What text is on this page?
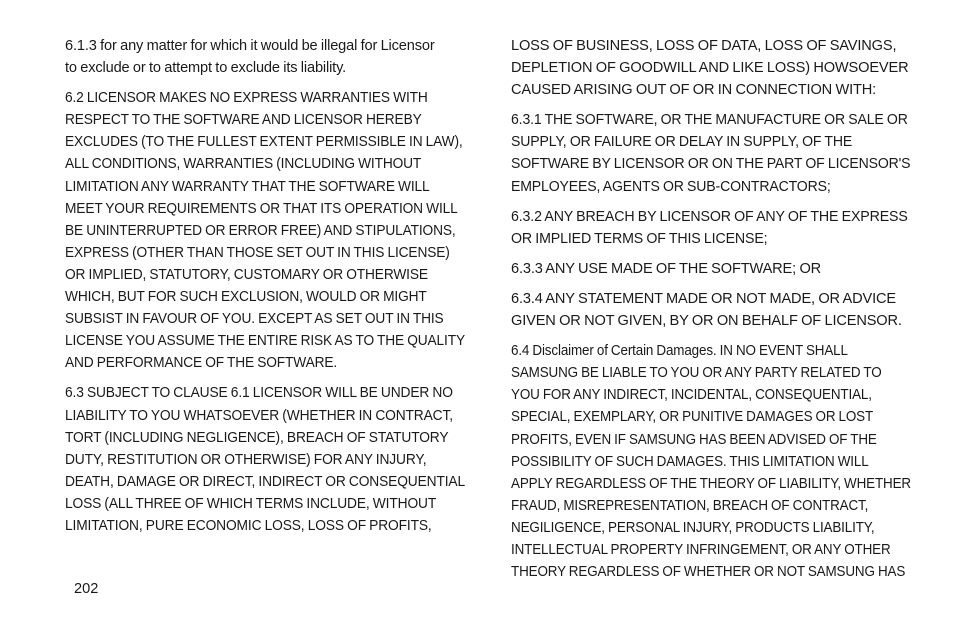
6.1.3 for any matter for which it would be illegal for Licensor
to exclude or to attempt to exclude its liability.

6.2 LICENSOR MAKES NO EXPRESS WARRANTIES WITH
RESPECT TO THE SOFTWARE AND LICENSOR HEREBY
EXCLUDES (TO THE FULLEST EXTENT PERMISSIBLE IN LAW),
ALL CONDITIONS, WARRANTIES (INCLUDING WITHOUT
LIMITATION ANY WARRANTY THAT THE SOFTWARE WILL
MEET YOUR REQUIREMENTS OR THAT ITS OPERATION WILL
BE UNINTERRUPTED OR ERROR FREE) AND STIPULATIONS,
EXPRESS (OTHER THAN THOSE SET OUT IN THIS LICENSE)
OR IMPLIED, STATUTORY, CUSTOMARY OR OTHERWISE
WHICH, BUT FOR SUCH EXCLUSION, WOULD OR MIGHT
SUBSIST IN FAVOUR OF YOU. EXCEPT AS SET OUT IN THIS
LICENSE YOU ASSUME THE ENTIRE RISK AS TO THE QUALITY
AND PERFORMANCE OF THE SOFTWARE.

6.3 SUBJECT TO CLAUSE 6.1 LICENSOR WILL BE UNDER NO
LIABILITY TO YOU WHATSOEVER (WHETHER IN CONTRACT,
TORT (INCLUDING NEGLIGENCE), BREACH OF STATUTORY
DUTY, RESTITUTION OR OTHERWISE) FOR ANY INJURY,
DEATH, DAMAGE OR DIRECT, INDIRECT OR CONSEQUENTIAL
LOSS (ALL THREE OF WHICH TERMS INCLUDE, WITHOUT
LIMITATION, PURE ECONOMIC LOSS, LOSS OF PROFITS,

LOSS OF BUSINESS, LOSS OF DATA, LOSS OF SAVINGS,
DEPLETION OF GOODWILL AND LIKE LOSS) HOWSOEVER
CAUSED ARISING OUT OF OR IN CONNECTION WITH:

6.3.1 THE SOFTWARE, OR THE MANUFACTURE OR SALE OR
SUPPLY, OR FAILURE OR DELAY IN SUPPLY, OF THE
SOFTWARE BY LICENSOR OR ON THE PART OF LICENSOR'S
EMPLOYEES, AGENTS OR SUB-CONTRACTORS;

6.3.2 ANY BREACH BY LICENSOR OF ANY OF THE EXPRESS
OR IMPLIED TERMS OF THIS LICENSE;

6.3.3 ANY USE MADE OF THE SOFTWARE; OR

6.3.4 ANY STATEMENT MADE OR NOT MADE, OR ADVICE
GIVEN OR NOT GIVEN, BY OR ON BEHALF OF LICENSOR.

6.4 Disclaimer of Certain Damages. IN NO EVENT SHALL
SAMSUNG BE LIABLE TO YOU OR ANY PARTY RELATED TO
YOU FOR ANY INDIRECT, INCIDENTAL, CONSEQUENTIAL,
SPECIAL, EXEMPLARY, OR PUNITIVE DAMAGES OR LOST
PROFITS, EVEN IF SAMSUNG HAS BEEN ADVISED OF THE
POSSIBILITY OF SUCH DAMAGES. THIS LIMITATION WILL
APPLY REGARDLESS OF THE THEORY OF LIABILITY, WHETHER
FRAUD, MISREPRESENTATION, BREACH OF CONTRACT,
NEGILIGENCE, PERSONAL INJURY, PRODUCTS LIABILITY,
INTELLECTUAL PROPERTY INFRINGEMENT, OR ANY OTHER
THEORY REGARDLESS OF WHETHER OR NOT SAMSUNG HAS

202
